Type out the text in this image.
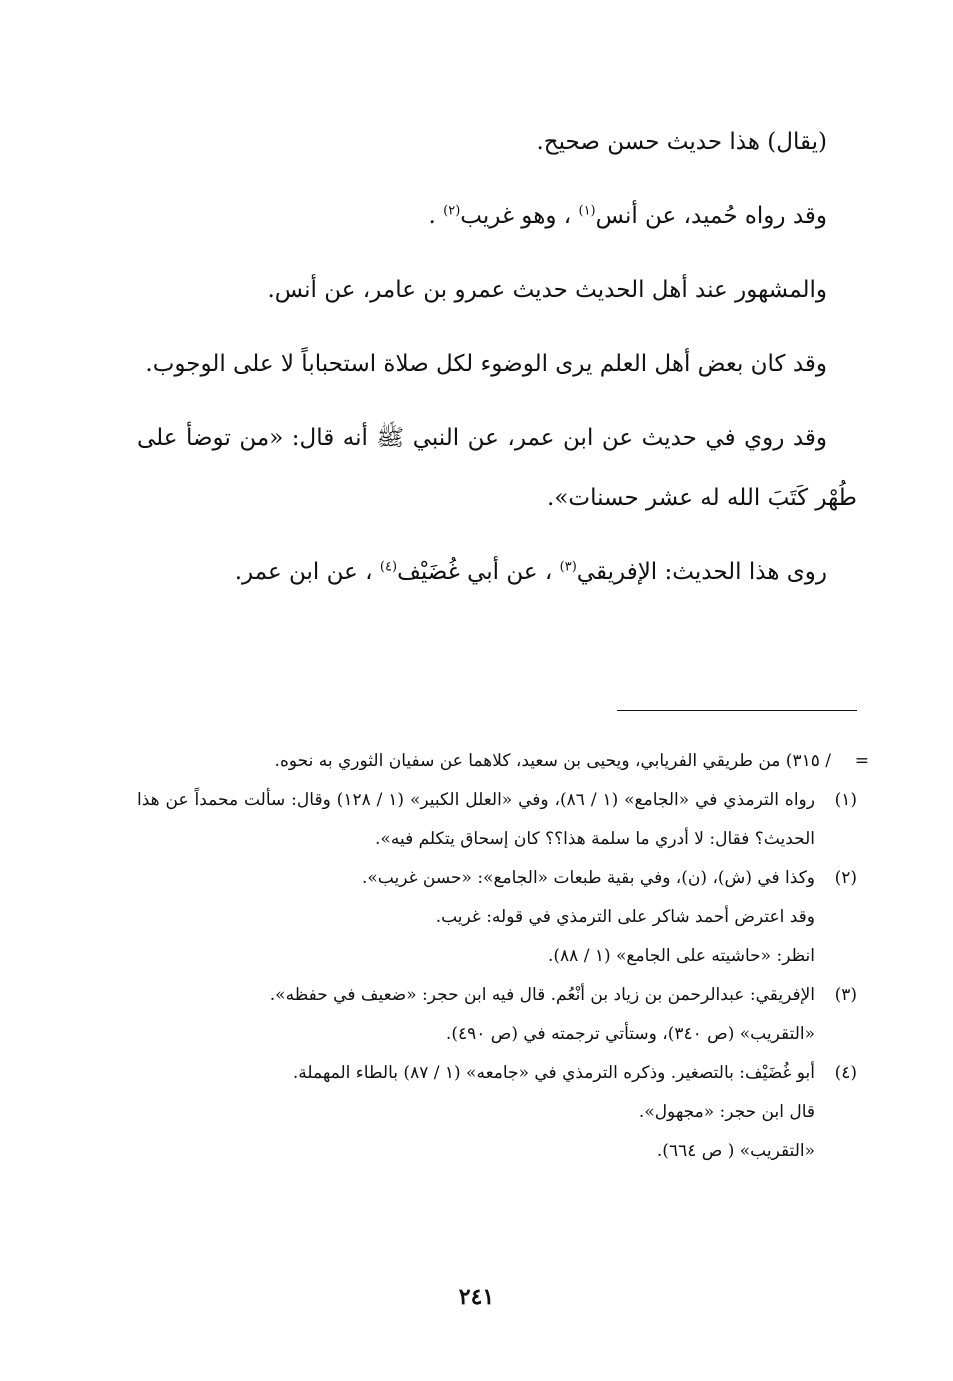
(يقال) هذا حديث حسن صحيح.

وقد رواه حُميد، عن أنس$^{(١)}$ ، وهو غريب$^{(٢)}$ .

والمشهور عند أهل الحديث حديث عمرو بن عامر، عن أنس.

وقد كان بعض أهل العلم يرى الوضوء لكل صلاة استحباباً لا على الوجوب.

وقد روي في حديث عن ابن عمر، عن النبي ﷺ أنه قال: «من توضأ على طُهْر كَتَبَ الله له عشر حسنات».

روى هذا الحديث: الإفريقي$^{(٣)}$ ، عن أبي غُضَيْف$^{(٤)}$ ، عن ابن عمر.

=
/ ٣١٥) من طريقي الفريابي، ويحيى بن سعيد، كلاهما عن سفيان الثوري به نحوه.
(١)
رواه الترمذي في «الجامع» (١ / ٨٦)، وفي «العلل الكبير» (١ / ١٢٨) وقال: سألت محمداً عن هذا الحديث؟ فقال: لا أدري ما سلمة هذا؟؟ كان إسحاق يتكلم فيه».
(٢)
وكذا في (ش)، (ن)، وفي بقية طبعات «الجامع»: «حسن غريب».
وقد اعترض أحمد شاكر على الترمذي في قوله: غريب.
انظر: «حاشيته على الجامع» (١ / ٨٨).
(٣)
الإفريقي: عبدالرحمن بن زياد بن أنْعُم. قال فيه ابن حجر: «ضعيف في حفظه».
«التقريب» (ص ٣٤٠)، وستأتي ترجمته في (ص ٤٩٠).
(٤)
أبو غُضَيْف: بالتصغير. وذكره الترمذي في «جامعه» (١ / ٨٧) بالطاء المهملة.
قال ابن حجر: «مجهول».
«التقريب» ( ص ٦٦٤).
٢٤١
